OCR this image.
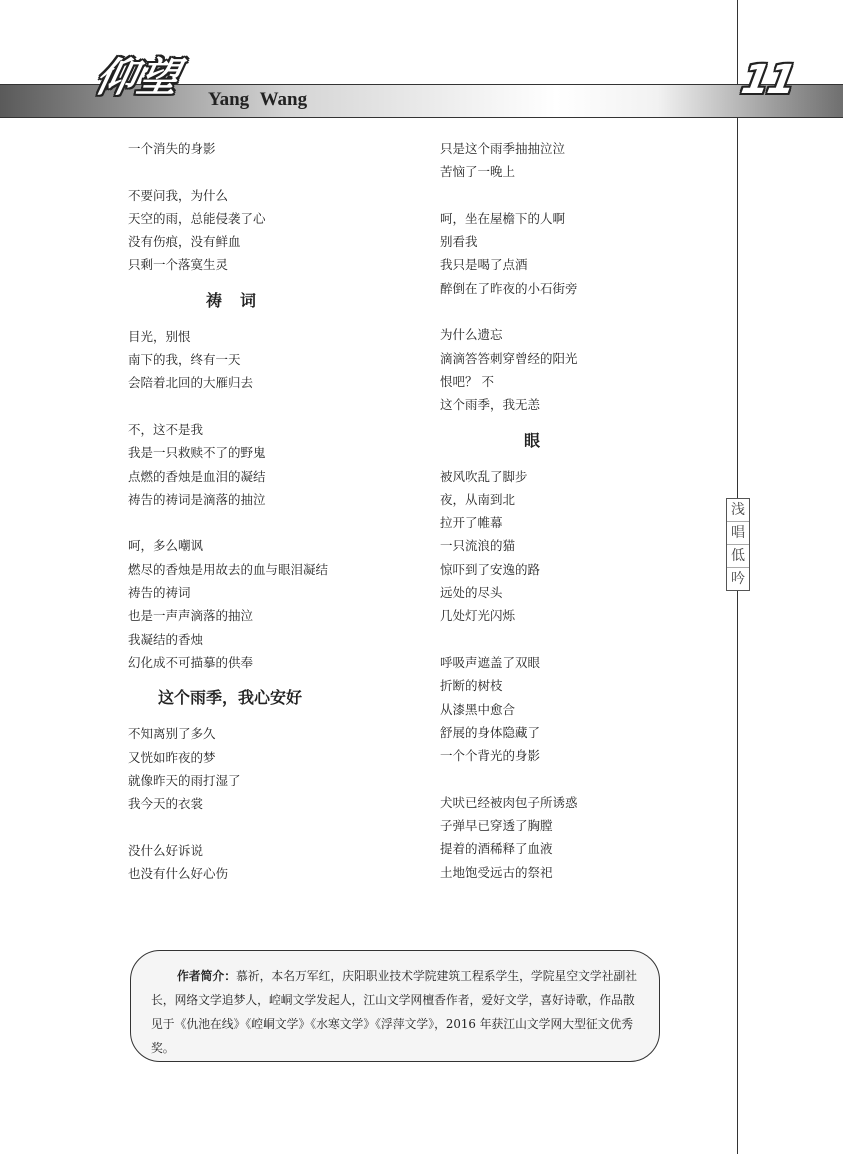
仰望 Yang Wang	11
浅
唱
低
吟
一个消失的身影
不要问我，为什么
天空的雨，总能侵袭了心
没有伤痕，没有鲜血
只剩一个落寞生灵
祷词
目光，别恨
南下的我，终有一天
会陪着北回的大雁归去
不，这不是我
我是一只救赎不了的野鬼
点燃的香烛是血泪的凝结
祷告的祷词是滴落的抽泣
呵，多么嘲讽
燃尽的香烛是用故去的血与眼泪凝结
祷告的祷词
也是一声声滴落的抽泣
我凝结的香烛
幻化成不可描摹的供奉
这个雨季，我心安好
不知离别了多久
又恍如昨夜的梦
就像昨天的雨打湿了
我今天的衣裳
没什么好诉说
也没有什么好心伤
只是这个雨季抽抽泣泣
苦恼了一晚上
呵，坐在屋檐下的人啊
别看我
我只是喝了点酒
醉倒在了昨夜的小石街旁
为什么遗忘
滴滴答答刺穿曾经的阳光
恨吧？ 不
这个雨季，我无恙
眼
被风吹乱了脚步
夜，从南到北
拉开了帷幕
一只流浪的猫
惊吓到了安逸的路
远处的尽头
几处灯光闪烁
呼吸声遮盖了双眼
折断的树枝
从漆黑中愈合
舒展的身体隐藏了
一个个背光的身影
犬吠已经被肉包子所诱惑
子弹早已穿透了胸膛
提着的酒稀释了血液
土地饱受远古的祭祀
作者简介：慕祈，本名万军红，庆阳职业技术学院建筑工程系学生，学院星空文学社副社长，网络文学追梦人，崆峒文学发起人，江山文学网檀香作者，爱好文学，喜好诗歌，作品散见于《仇池在线》《崆峒文学》《水寒文学》《浮萍文学》，2016 年获江山文学网大型征文优秀奖。
